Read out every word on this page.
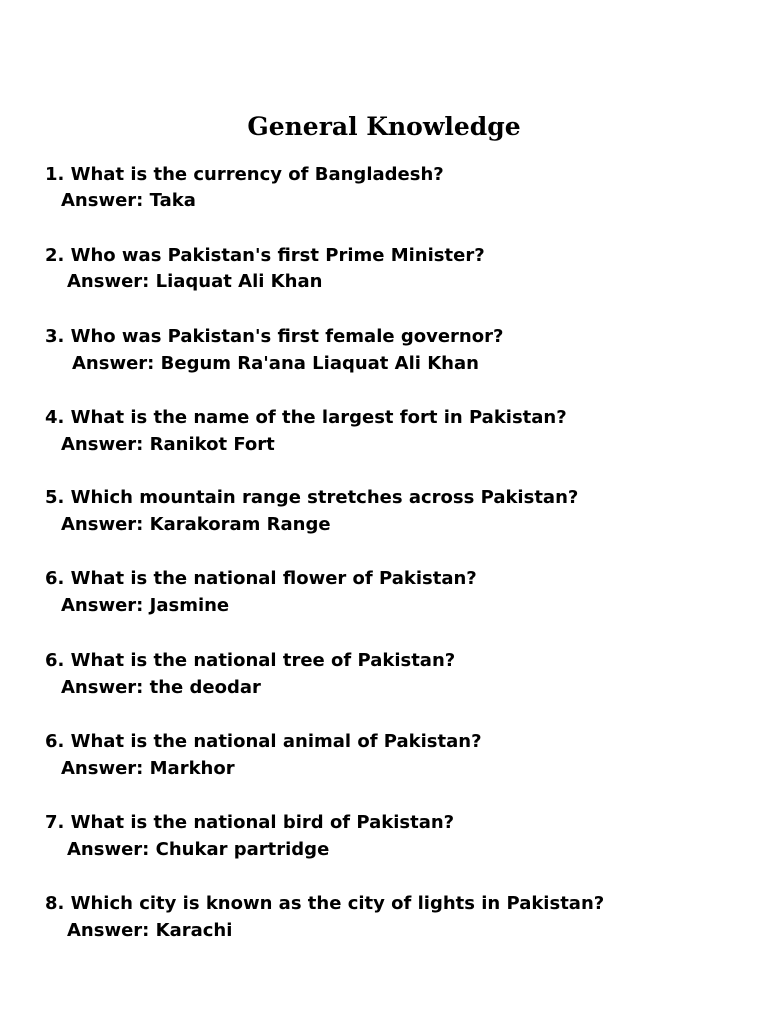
General Knowledge
1. What is the currency of Bangladesh?
Answer: Taka
2. Who was Pakistan's first Prime Minister?
Answer: Liaquat Ali Khan
3. Who was Pakistan's first female governor?
Answer: Begum Ra'ana Liaquat Ali Khan
4. What is the name of the largest fort in Pakistan?
Answer: Ranikot Fort
5. Which mountain range stretches across Pakistan?
Answer: Karakoram Range
6. What is the national flower of Pakistan?
Answer: Jasmine
6. What is the national tree of Pakistan?
Answer: the deodar
6. What is the national animal of Pakistan?
Answer: Markhor
7. What is the national bird of Pakistan?
Answer: Chukar partridge
8. Which city is known as the city of lights in Pakistan?
Answer: Karachi
